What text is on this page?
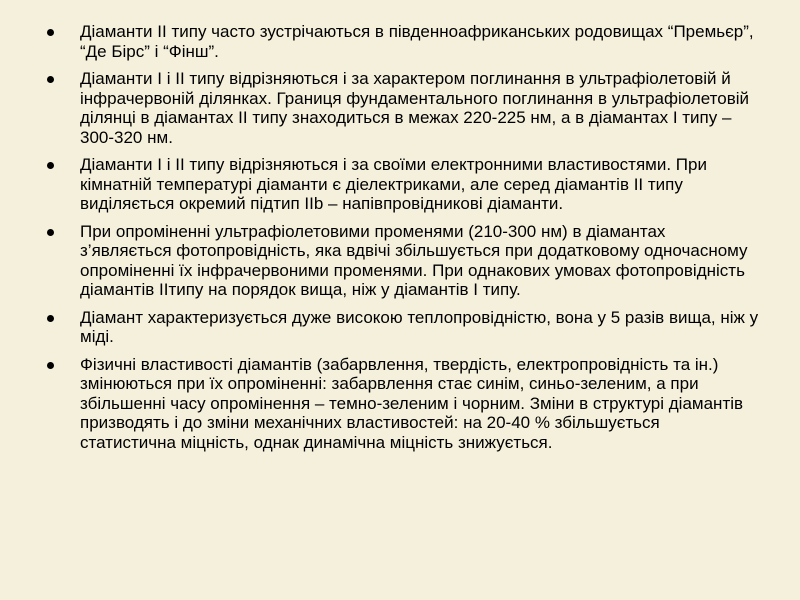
Діаманти ІІ типу часто зустрічаються в південноафриканських родовищах “Премьєр”, “Де Бірс” і “Фінш”.
Діаманти І і ІІ типу відрізняються і за характером поглинання в ультрафіолетовій й інфрачервоній ділянках. Границя фундаментального поглинання в ультрафіолетовій ділянці в діамантах ІІ типу знаходиться в межах 220-225 нм, а в діамантах І типу – 300-320 нм.
Діаманти І і ІІ типу відрізняються і за своїми електронними властивостями. При кімнатній температурі діаманти є діелектриками, але серед діамантів ІІ типу виділяється окремий підтип ІІb – напівпровідникові діаманти.
При опроміненні ультрафіолетовими променями (210-300 нм) в діамантах з’являється фотопровідність, яка вдвічі збільшується при додатковому одночасному опроміненні їх інфрачервоними променями. При однакових умовах фотопровідність діамантів ІІтипу на порядок вища, ніж у діамантів І типу.
Діамант характеризується дуже високою теплопровідністю, вона у 5 разів вища, ніж у міді.
Фізичні властивості діамантів (забарвлення, твердість, електропровідність та ін.) змінюються при їх опроміненні: забарвлення стає синім, синьо-зеленим, а при збільшенні часу опромінення – темно-зеленим і чорним. Зміни в структурі діамантів призводять і до зміни механічних властивостей: на 20-40 % збільшується статистична міцність, однак динамічна міцність знижується.
